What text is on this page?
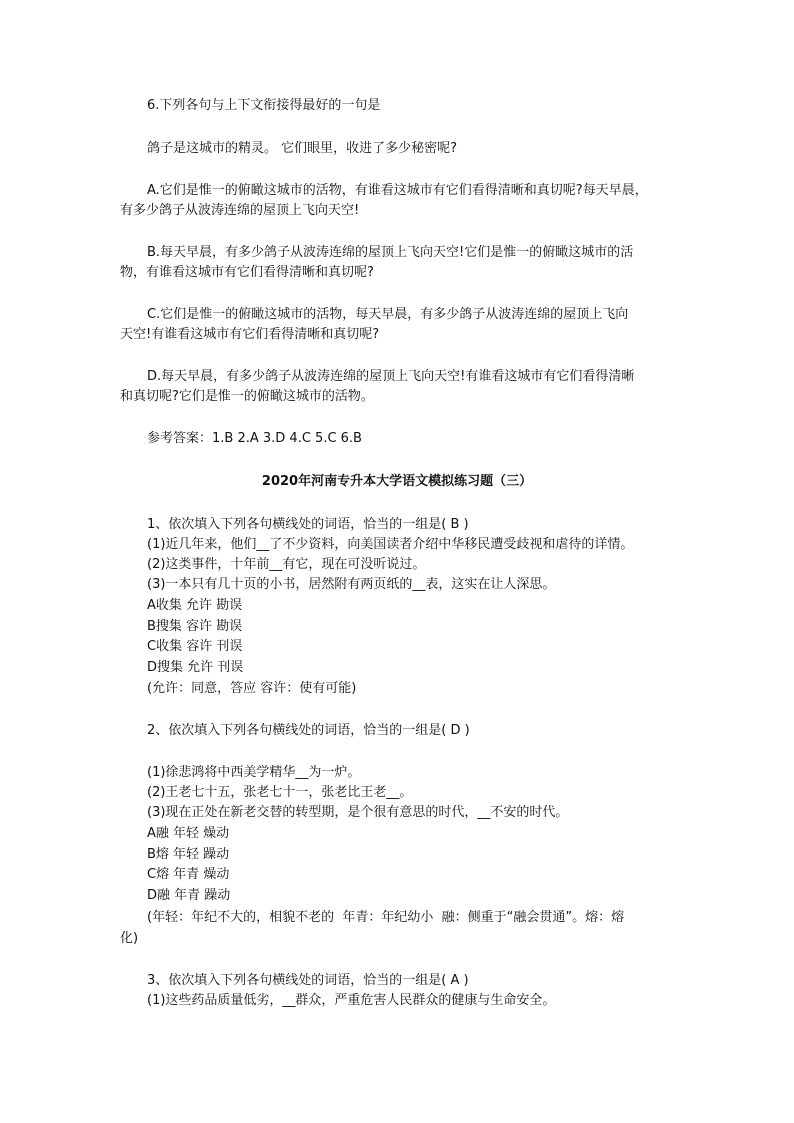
6.下列各句与上下文衔接得最好的一句是
鸽子是这城市的精灵。 它们眼里，收进了多少秘密呢?
A.它们是惟一的俯瞰这城市的活物，有谁看这城市有它们看得清晰和真切呢?每天早晨，
有多少鸽子从波涛连绵的屋顶上飞向天空!
B.每天早晨，有多少鸽子从波涛连绵的屋顶上飞向天空!它们是惟一的俯瞰这城市的活
物，有谁看这城市有它们看得清晰和真切呢?
C.它们是惟一的俯瞰这城市的活物，每天早晨，有多少鸽子从波涛连绵的屋顶上飞向
天空!有谁看这城市有它们看得清晰和真切呢?
D.每天早晨，有多少鸽子从波涛连绵的屋顶上飞向天空!有谁看这城市有它们看得清晰
和真切呢?它们是惟一的俯瞰这城市的活物。
参考答案：1.B 2.A 3.D 4.C 5.C 6.B
2020年河南专升本大学语文模拟练习题（三）
1、依次填入下列各句横线处的词语，恰当的一组是( B )
(1)近几年来，他们__了不少资料，向美国读者介绍中华移民遭受歧视和虐待的详情。
(2)这类事件，十年前__有它，现在可没听说过。
(3)一本只有几十页的小书，居然附有两页纸的__表，这实在让人深思。
A收集 允许 勘误
B搜集 容许 勘误
C收集 容许 刊误
D搜集 允许 刊误
(允许：同意，答应 容许：使有可能)
2、依次填入下列各句横线处的词语，恰当的一组是( D )
(1)徐悲鸿将中西美学精华__为一炉。
(2)王老七十五，张老七十一，张老比王老__。
(3)现在正处在新老交替的转型期，是个很有意思的时代，__不安的时代。
A融 年轻 燥动
B熔 年轻 躁动
C熔 年青 燥动
D融 年青 躁动
(年轻：年纪不大的，相貌不老的  年青：年纪幼小  融：侧重于“融会贯通”。熔：熔
化)
3、依次填入下列各句横线处的词语，恰当的一组是( A )
(1)这些药品质量低劣，__群众，严重危害人民群众的健康与生命安全。
